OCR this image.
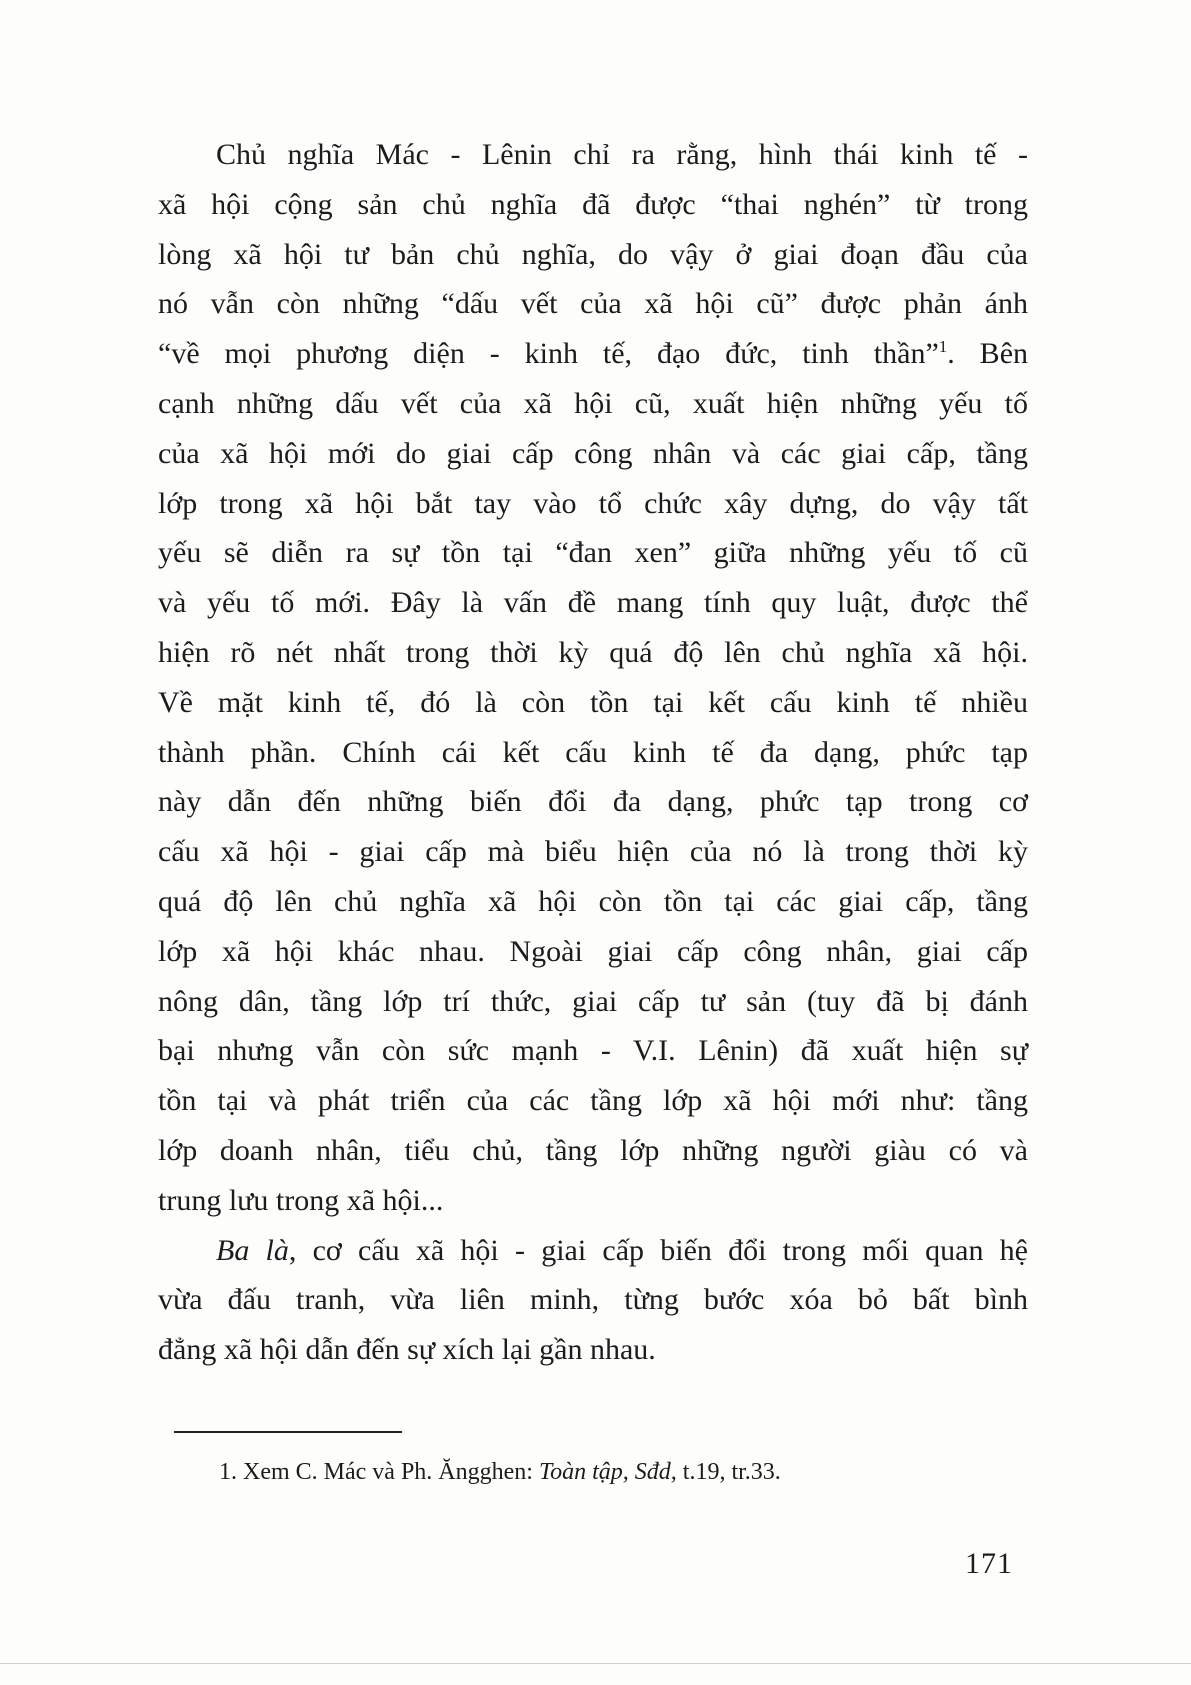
Chủ nghĩa Mác - Lênin chỉ ra rằng, hình thái kinh tế -
xã hội cộng sản chủ nghĩa đã được “thai nghén” từ trong
lòng xã hội tư bản chủ nghĩa, do vậy ở giai đoạn đầu của
nó vẫn còn những “dấu vết của xã hội cũ” được phản ánh
“về mọi phương diện - kinh tế, đạo đức, tinh thần”$^1$. Bên
cạnh những dấu vết của xã hội cũ, xuất hiện những yếu tố
của xã hội mới do giai cấp công nhân và các giai cấp, tầng
lớp trong xã hội bắt tay vào tổ chức xây dựng, do vậy tất
yếu sẽ diễn ra sự tồn tại “đan xen” giữa những yếu tố cũ
và yếu tố mới. Đây là vấn đề mang tính quy luật, được thể
hiện rõ nét nhất trong thời kỳ quá độ lên chủ nghĩa xã hội.
Về mặt kinh tế, đó là còn tồn tại kết cấu kinh tế nhiều
thành phần. Chính cái kết cấu kinh tế đa dạng, phức tạp
này dẫn đến những biến đổi đa dạng, phức tạp trong cơ
cấu xã hội - giai cấp mà biểu hiện của nó là trong thời kỳ
quá độ lên chủ nghĩa xã hội còn tồn tại các giai cấp, tầng
lớp xã hội khác nhau. Ngoài giai cấp công nhân, giai cấp
nông dân, tầng lớp trí thức, giai cấp tư sản (tuy đã bị đánh
bại nhưng vẫn còn sức mạnh - V.I. Lênin) đã xuất hiện sự
tồn tại và phát triển của các tầng lớp xã hội mới như: tầng
lớp doanh nhân, tiểu chủ, tầng lớp những người giàu có và
trung lưu trong xã hội...
Ba là, cơ cấu xã hội - giai cấp biến đổi trong mối quan hệ
vừa đấu tranh, vừa liên minh, từng bước xóa bỏ bất bình
đẳng xã hội dẫn đến sự xích lại gần nhau.
1. Xem C. Mác và Ph. Ăngghen: Toàn tập, Sđd, t.19, tr.33.
171
